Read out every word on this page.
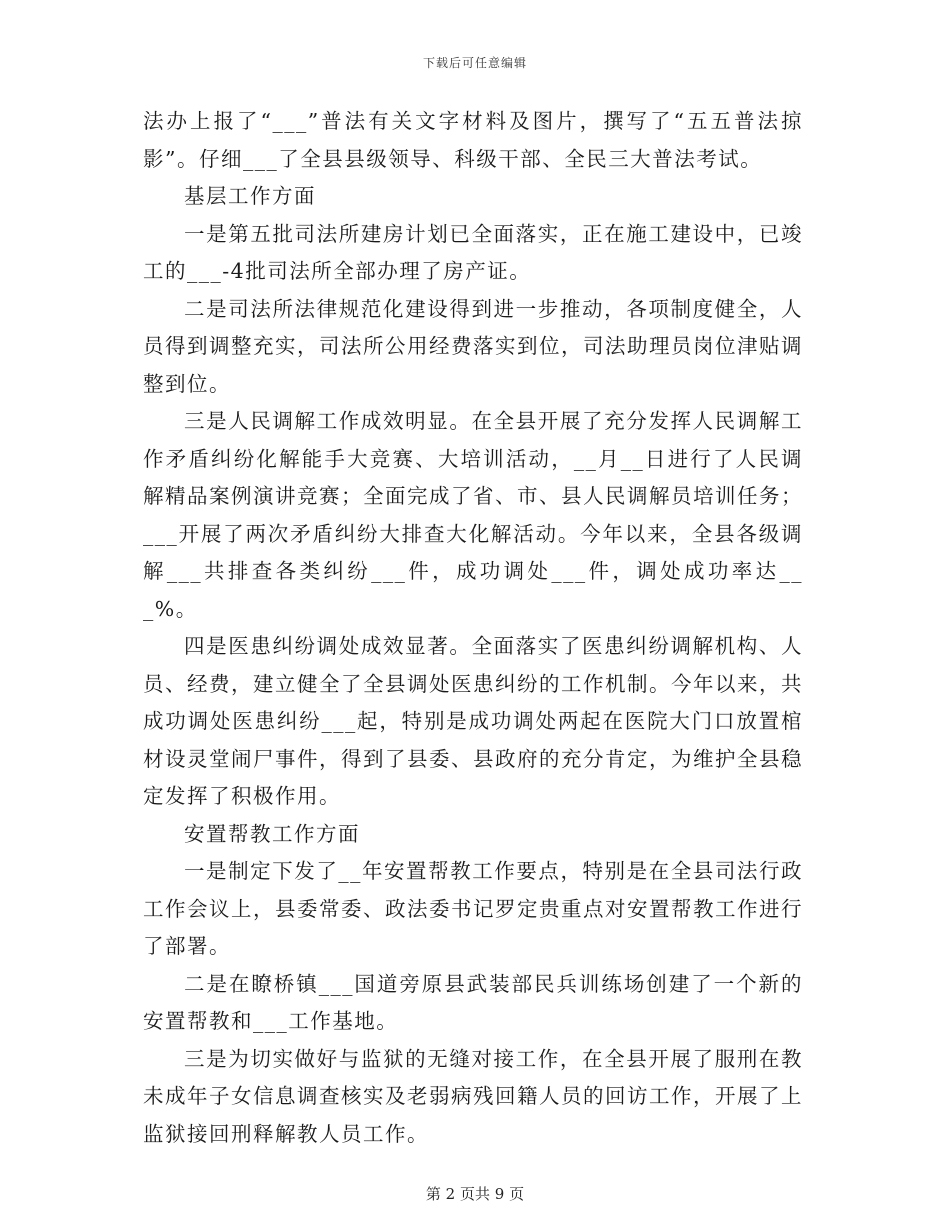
下载后可任意编辑

法办上报了“___”普法有关文字材料及图片，撰写了“五五普法掠影”。仔细___了全县县级领导、科级干部、全民三大普法考试。

基层工作方面

一是第五批司法所建房计划已全面落实，正在施工建设中，已竣工的___-4批司法所全部办理了房产证。

二是司法所法律规范化建设得到进一步推动，各项制度健全，人员得到调整充实，司法所公用经费落实到位，司法助理员岗位津贴调整到位。

三是人民调解工作成效明显。在全县开展了充分发挥人民调解工作矛盾纠纷化解能手大竞赛、大培训活动，__月__日进行了人民调解精品案例演讲竞赛；全面完成了省、市、县人民调解员培训任务；___开展了两次矛盾纠纷大排查大化解活动。今年以来，全县各级调解___共排查各类纠纷___件，成功调处___件，调处成功率达___%。

四是医患纠纷调处成效显著。全面落实了医患纠纷调解机构、人员、经费，建立健全了全县调处医患纠纷的工作机制。今年以来，共成功调处医患纠纷___起，特别是成功调处两起在医院大门口放置棺材设灵堂闹尸事件，得到了县委、县政府的充分肯定，为维护全县稳定发挥了积极作用。

安置帮教工作方面

一是制定下发了__年安置帮教工作要点，特别是在全县司法行政工作会议上，县委常委、政法委书记罗定贵重点对安置帮教工作进行了部署。

二是在瞭桥镇___国道旁原县武装部民兵训练场创建了一个新的安置帮教和___工作基地。

三是为切实做好与监狱的无缝对接工作，在全县开展了服刑在教未成年子女信息调查核实及老弱病残回籍人员的回访工作，开展了上监狱接回刑释解教人员工作。

第 2 页共 9 页
